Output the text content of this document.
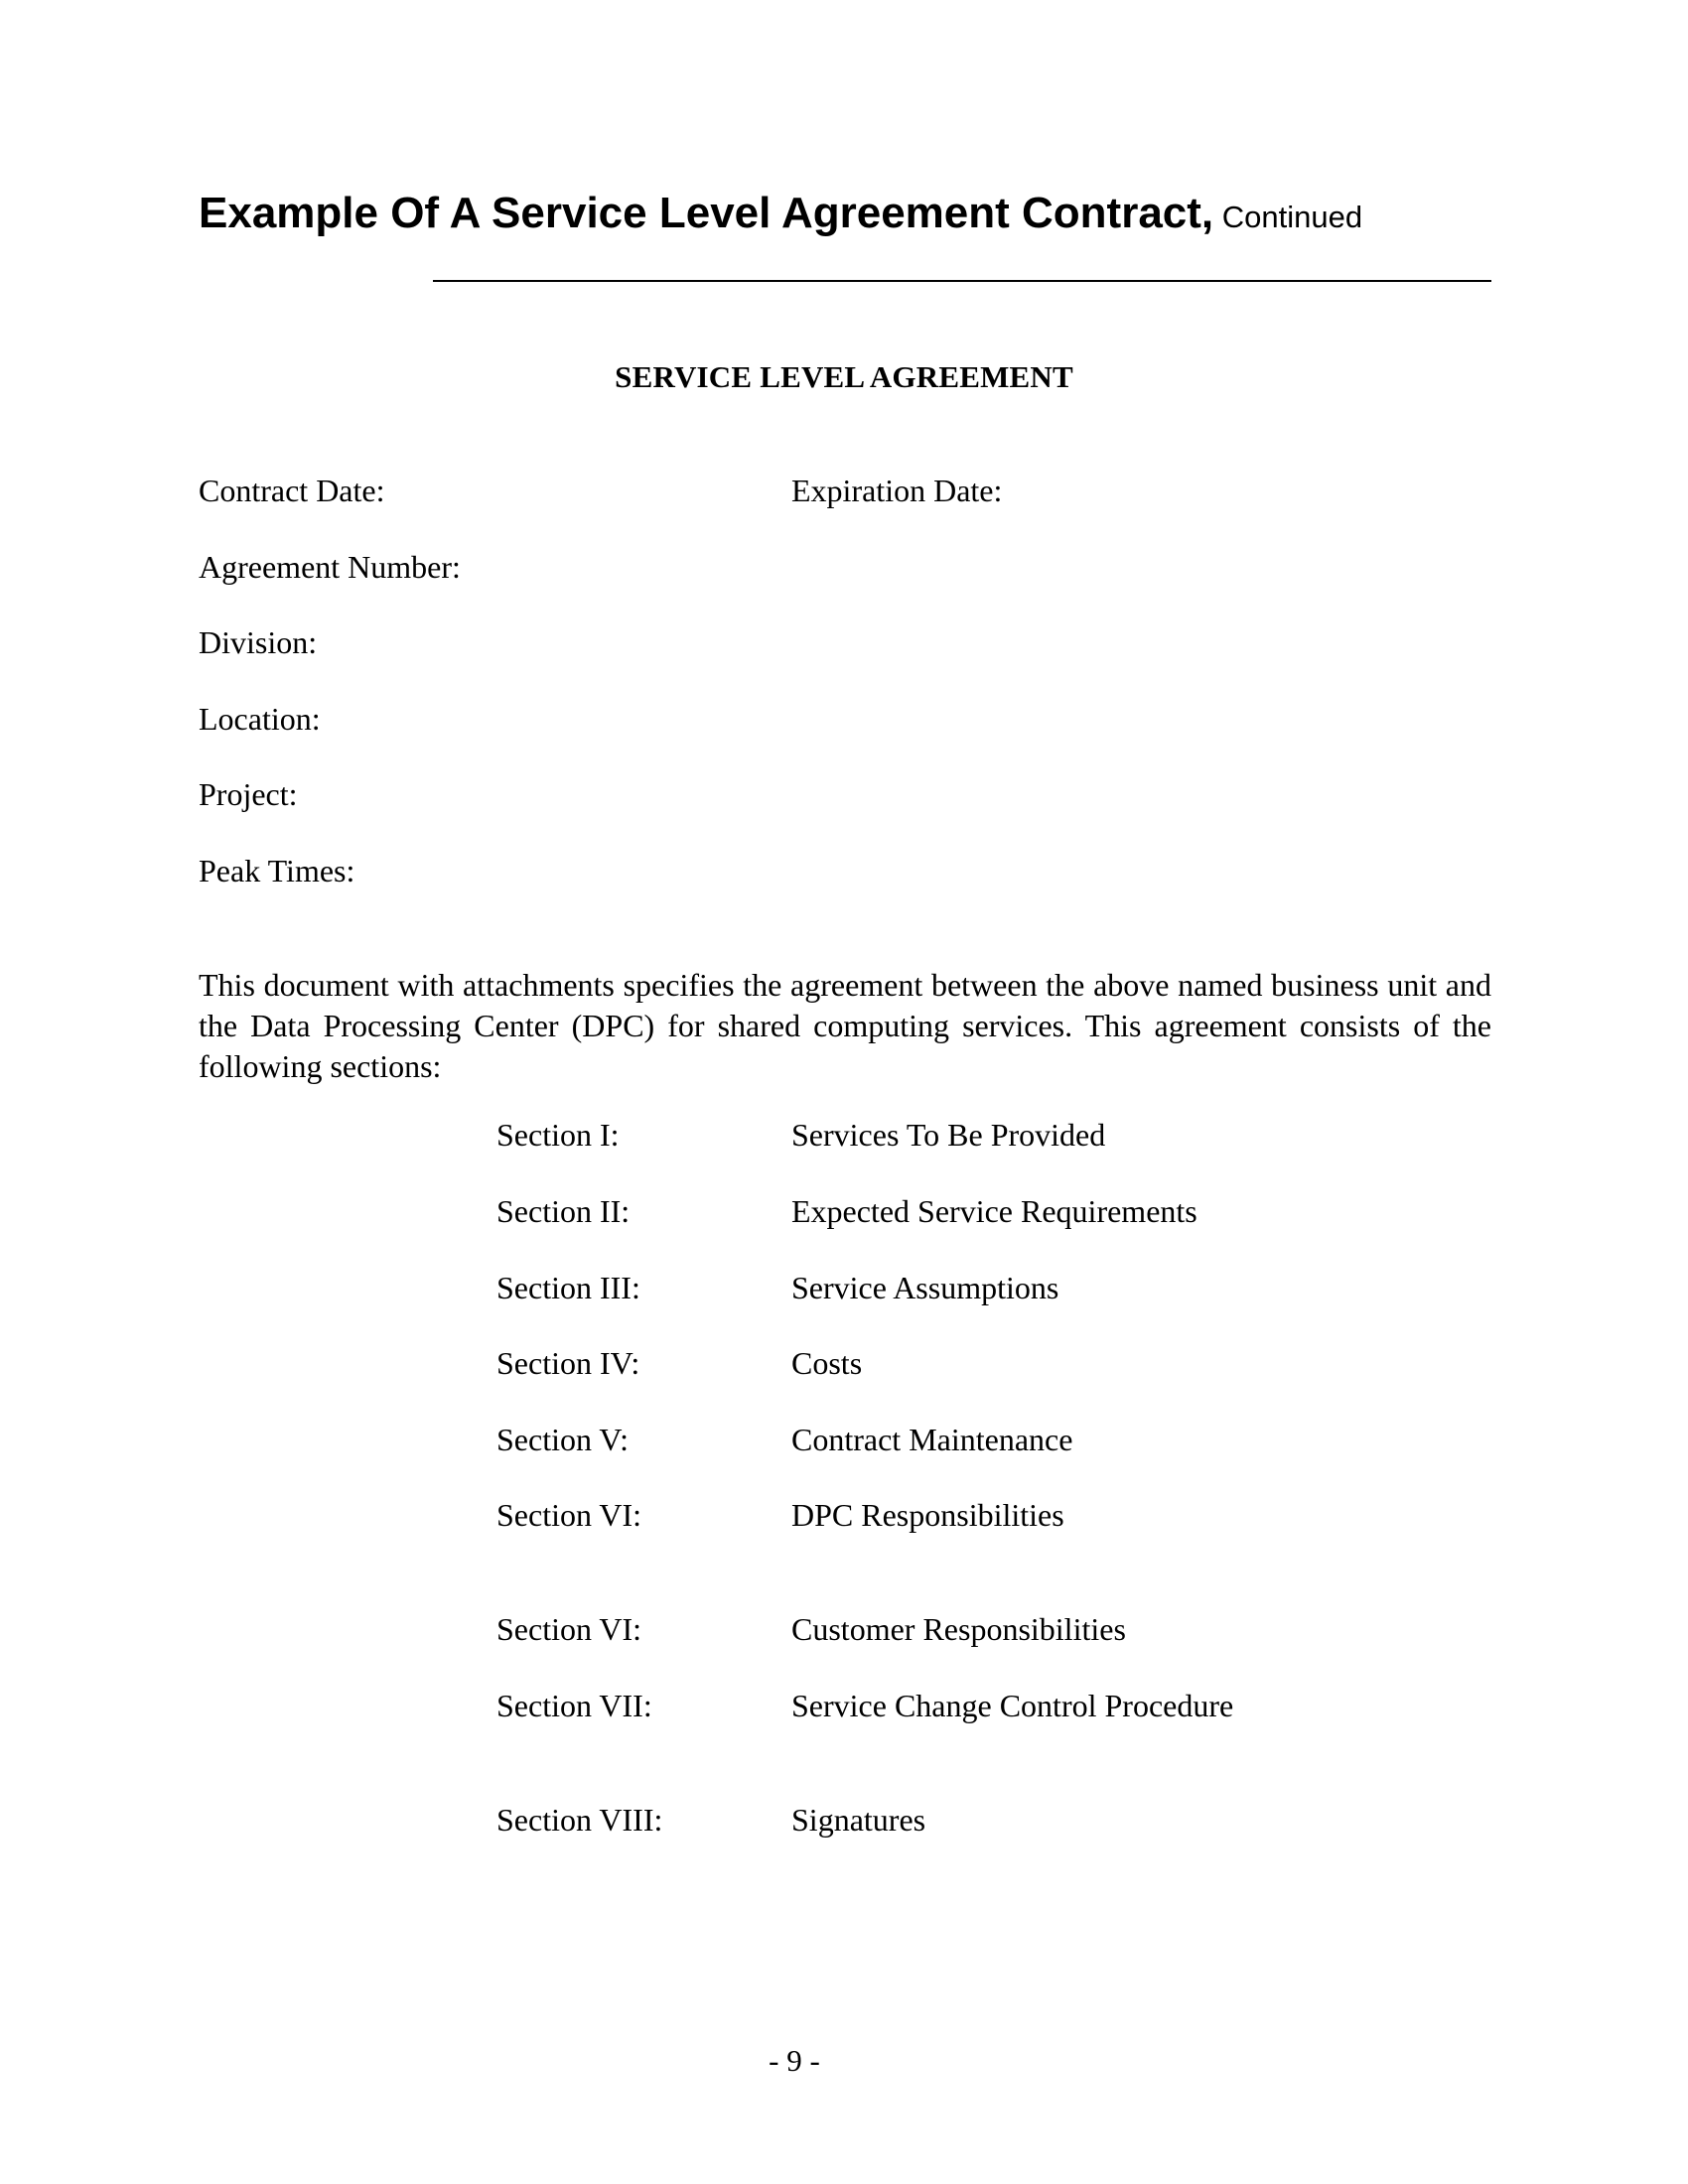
Example Of A Service Level Agreement Contract, Continued
SERVICE LEVEL AGREEMENT
Contract Date:	Expiration Date:
Agreement Number:
Division:
Location:
Project:
Peak Times:

This document with attachments specifies the agreement between the above named business unit and the Data Processing Center (DPC) for shared computing services. This agreement consists of the following sections:

Section I:	Services To Be Provided
Section II:	Expected Service Requirements
Section III:	Service Assumptions
Section IV:	Costs
Section V:	Contract Maintenance
Section VI:	DPC Responsibilities
Section VI:	Customer Responsibilities
Section VII:	Service Change Control Procedure
Section VIII:	Signatures
- 9 -
